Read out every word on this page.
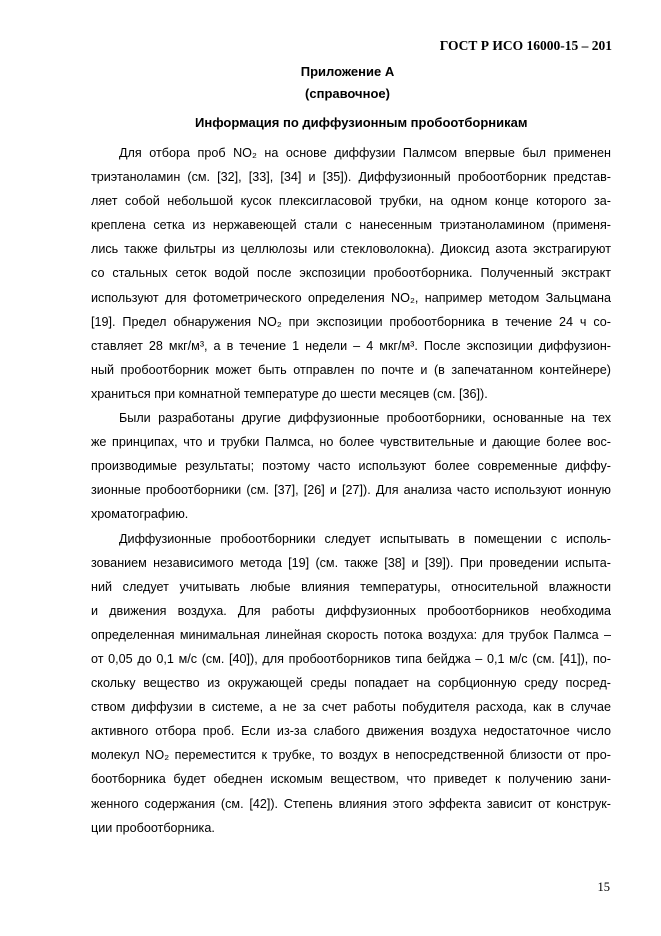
ГОСТ Р ИСО 16000-15 – 201
Приложение А
(справочное)
Информация по диффузионным пробоотборникам

Для отбора проб NO₂ на основе диффузии Палмсом впервые был применен
триэтаноламин (см. [32], [33], [34] и [35]). Диффузионный пробоотборник представ-
ляет собой небольшой кусок плексигласовой трубки, на одном конце которого за-
креплена сетка из нержавеющей стали с нанесенным триэтаноламином (применя-
лись также фильтры из целлюлозы или стекловолокна). Диоксид азота экстрагируют
со стальных сеток водой после экспозиции пробоотборника. Полученный экстракт
используют для фотометрического определения NO₂, например методом Зальцмана
[19]. Предел обнаружения NO₂ при экспозиции пробоотборника в течение 24 ч со-
ставляет 28 мкг/м³, а в течение 1 недели – 4 мкг/м³. После экспозиции диффузион-
ный пробоотборник может быть отправлен по почте и (в запечатанном контейнере)
храниться при комнатной температуре до шести месяцев (см. [36]).

Были разработаны другие диффузионные пробоотборники, основанные на тех
же принципах, что и трубки Палмса, но более чувствительные и дающие более вос-
производимые результаты; поэтому часто используют более современные диффу-
зионные пробоотборники (см. [37], [26] и [27]). Для анализа часто используют ионную
хроматографию.

Диффузионные пробоотборники следует испытывать в помещении с исполь-
зованием независимого метода [19] (см. также [38] и [39]). При проведении испыта-
ний следует учитывать любые влияния температуры, относительной влажности
и движения воздуха. Для работы диффузионных пробоотборников необходима
определенная минимальная линейная скорость потока воздуха: для трубок Палмса –
от 0,05 до 0,1 м/с (см. [40]), для пробоотборников типа бейджа – 0,1 м/с (см. [41]), по-
скольку вещество из окружающей среды попадает на сорбционную среду посред-
ством диффузии в системе, а не за счет работы побудителя расхода, как в случае
активного отбора проб. Если из-за слабого движения воздуха недостаточное число
молекул NO₂ переместится к трубке, то воздух в непосредственной близости от про-
боотборника будет обеднен искомым веществом, что приведет к получению зани-
женного содержания (см. [42]). Степень влияния этого эффекта зависит от конструк-
ции пробоотборника.

15
